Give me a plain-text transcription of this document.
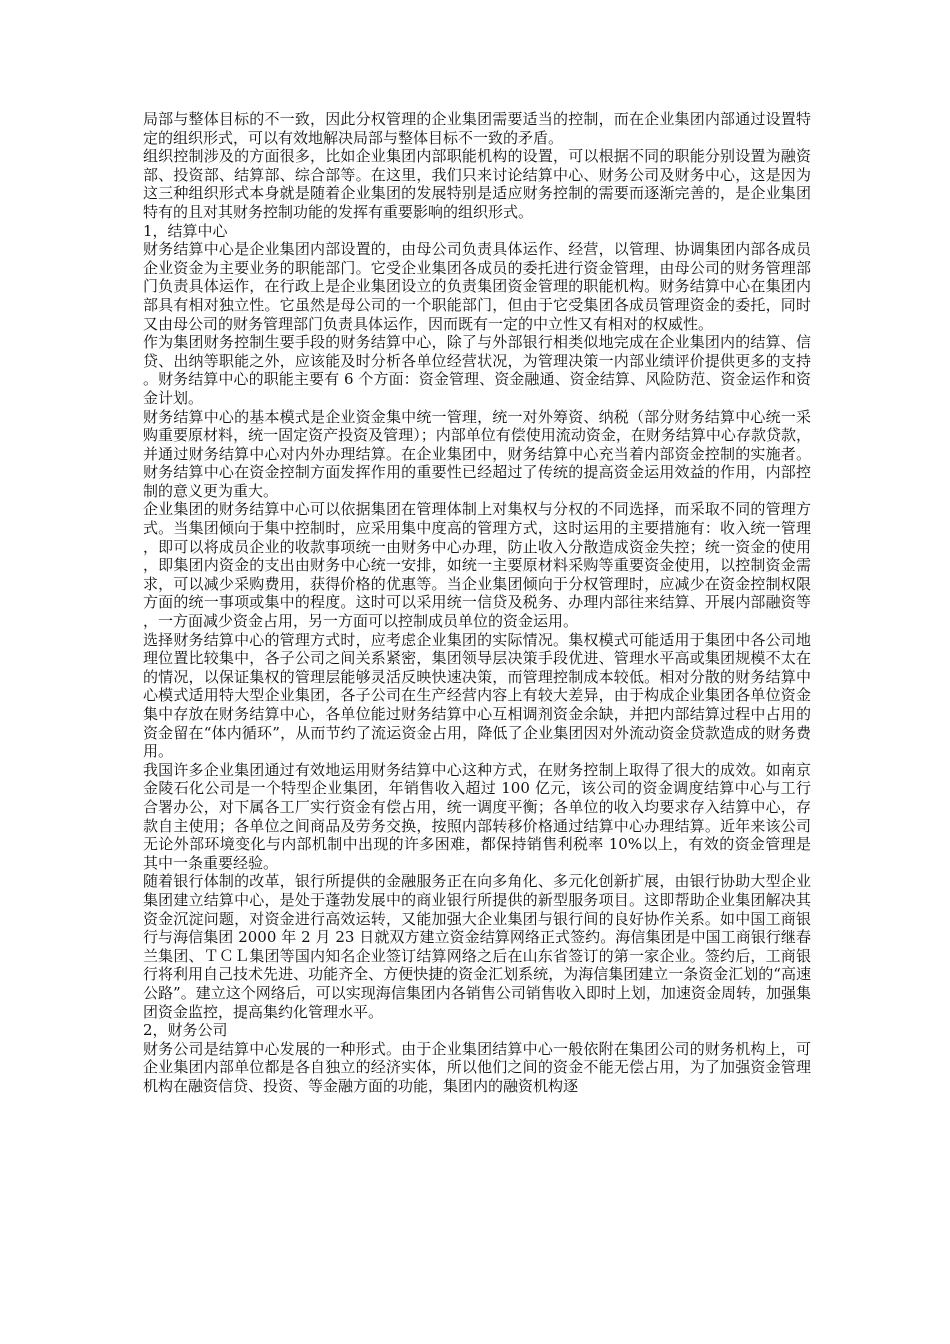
局部与整体目标的不一致，因此分权管理的企业集团需要适当的控制，而在企业集团内部通过设置特定的组织形式，可以有效地解决局部与整体目标不一致的矛盾。

组织控制涉及的方面很多，比如企业集团内部职能机构的设置，可以根据不同的职能分别设置为融资部、投资部、结算部、综合部等。在这里，我们只来讨论结算中心、财务公司及财务中心，这是因为这三种组织形式本身就是随着企业集团的发展特别是适应财务控制的需要而逐渐完善的，是企业集团特有的且对其财务控制功能的发挥有重要影响的组织形式。

1，结算中心

财务结算中心是企业集团内部设置的，由母公司负责具体运作、经营，以管理、协调集团内部各成员企业资金为主要业务的职能部门。它受企业集团各成员的委托进行资金管理，由母公司的财务管理部门负责具体运作，在行政上是企业集团设立的负责集团资金管理的职能机构。财务结算中心在集团内部具有相对独立性。它虽然是母公司的一个职能部门，但由于它受集团各成员管理资金的委托，同时又由母公司的财务管理部门负责具体运作，因而既有一定的中立性又有相对的权威性。

作为集团财务控制生要手段的财务结算中心，除了与外部银行相类似地完成在企业集团内的结算、信贷、出纳等职能之外，应该能及时分析各单位经营状况，为管理决策一内部业绩评价提供更多的支持。财务结算中心的职能主要有 6 个方面：资金管理、资金融通、资金结算、风险防范、资金运作和资金计划。

财务结算中心的基本模式是企业资金集中统一管理，统一对外筹资、纳税（部分财务结算中心统一采购重要原材料，统一固定资产投资及管理）；内部单位有偿使用流动资金，在财务结算中心存款贷款，并通过财务结算中心对内外办理结算。在企业集团中，财务结算中心充当着内部资金控制的实施者。财务结算中心在资金控制方面发挥作用的重要性已经超过了传统的提高资金运用效益的作用，内部控制的意义更为重大。

企业集团的财务结算中心可以依据集团在管理体制上对集权与分权的不同选择，而采取不同的管理方式。当集团倾向于集中控制时，应采用集中度高的管理方式，这时运用的主要措施有：收入统一管理，即可以将成员企业的收款事项统一由财务中心办理，防止收入分散造成资金失控；统一资金的使用，即集团内资金的支出由财务中心统一安排，如统一主要原材料采购等重要资金使用，以控制资金需求，可以减少采购费用，获得价格的优惠等。当企业集团倾向于分权管理时，应减少在资金控制权限方面的统一事项或集中的程度。这时可以采用统一信贷及税务、办理内部往来结算、开展内部融资等，一方面减少资金占用，另一方面可以控制成员单位的资金运用。

选择财务结算中心的管理方式时，应考虑企业集团的实际情况。集权模式可能适用于集团中各公司地理位置比较集中，各子公司之间关系紧密，集团领导层决策手段优进、管理水平高或集团规模不太在的情况，以保证集权的管理层能够灵活反映快速决策，而管理控制成本较低。相对分散的财务结算中心模式适用特大型企业集团，各子公司在生产经营内容上有较大差异，由于构成企业集团各单位资金集中存放在财务结算中心，各单位能过财务结算中心互相调剂资金余缺，并把内部结算过程中占用的资金留在“体内循环”，从而节约了流运资金占用，降低了企业集团因对外流动资金贷款造成的财务费用。

我国许多企业集团通过有效地运用财务结算中心这种方式，在财务控制上取得了很大的成效。如南京金陵石化公司是一个特型企业集团，年销售收入超过 100 亿元，该公司的资金调度结算中心与工行合署办公，对下属各工厂实行资金有偿占用，统一调度平衡；各单位的收入均要求存入结算中心，存款自主使用；各单位之间商品及劳务交换，按照内部转移价格通过结算中心办理结算。近年来该公司无论外部环境变化与内部机制中出现的许多困难，都保持销售利税率 10%以上，有效的资金管理是其中一条重要经验。

随着银行体制的改革，银行所提供的金融服务正在向多角化、多元化创新扩展，由银行协助大型企业集团建立结算中心，是处于蓬勃发展中的商业银行所提供的新型服务项目。这即帮助企业集团解决其资金沉淀问题，对资金进行高效运转，又能加强大企业集团与银行间的良好协作关系。如中国工商银行与海信集团 2000 年 2 月 23 日就双方建立资金结算网络正式签约。海信集团是中国工商银行继春兰集团、ＴＣＬ集团等国内知名企业签订结算网络之后在山东省签订的第一家企业。签约后，工商银行将利用自己技术先进、功能齐全、方便快捷的资金汇划系统，为海信集团建立一条资金汇划的“高速公路”。建立这个网络后，可以实现海信集团内各销售公司销售收入即时上划，加速资金周转，加强集团资金监控，提高集约化管理水平。

2，财务公司

财务公司是结算中心发展的一种形式。由于企业集团结算中心一般依附在集团公司的财务机构上，可企业集团内部单位都是各自独立的经济实体，所以他们之间的资金不能无偿占用，为了加强资金管理机构在融资信贷、投资、等金融方面的功能，集团内的融资机构逐
